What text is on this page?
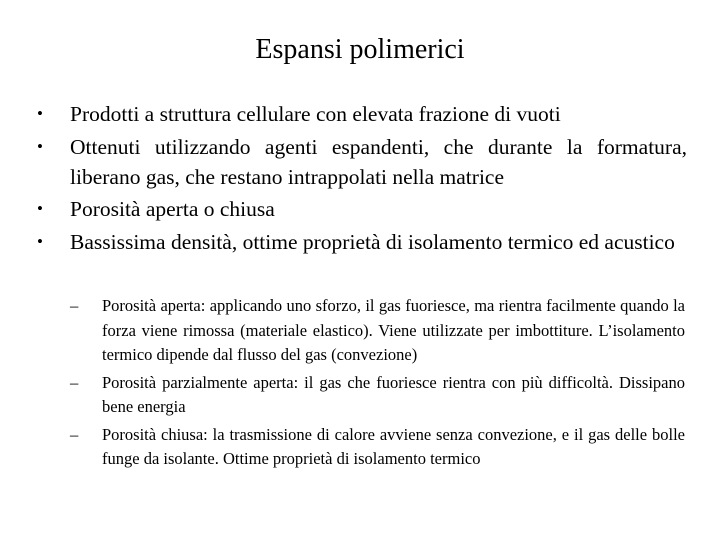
Espansi polimerici
• Prodotti a struttura cellulare con elevata frazione di vuoti
• Ottenuti utilizzando agenti espandenti, che durante la formatura, liberano gas, che restano intrappolati nella matrice
• Porosità aperta o chiusa
• Bassissima densità, ottime proprietà di isolamento termico ed acustico
– Porosità aperta: applicando uno sforzo, il gas fuoriesce, ma rientra facilmente quando la forza viene rimossa (materiale elastico). Viene utilizzate per imbottiture. L’isolamento termico dipende dal flusso del gas (convezione)
– Porosità parzialmente aperta: il gas che fuoriesce rientra con più difficoltà. Dissipano bene energia
– Porosità chiusa: la trasmissione di calore avviene senza convezione, e il gas delle bolle funge da isolante. Ottime proprietà di isolamento termico
